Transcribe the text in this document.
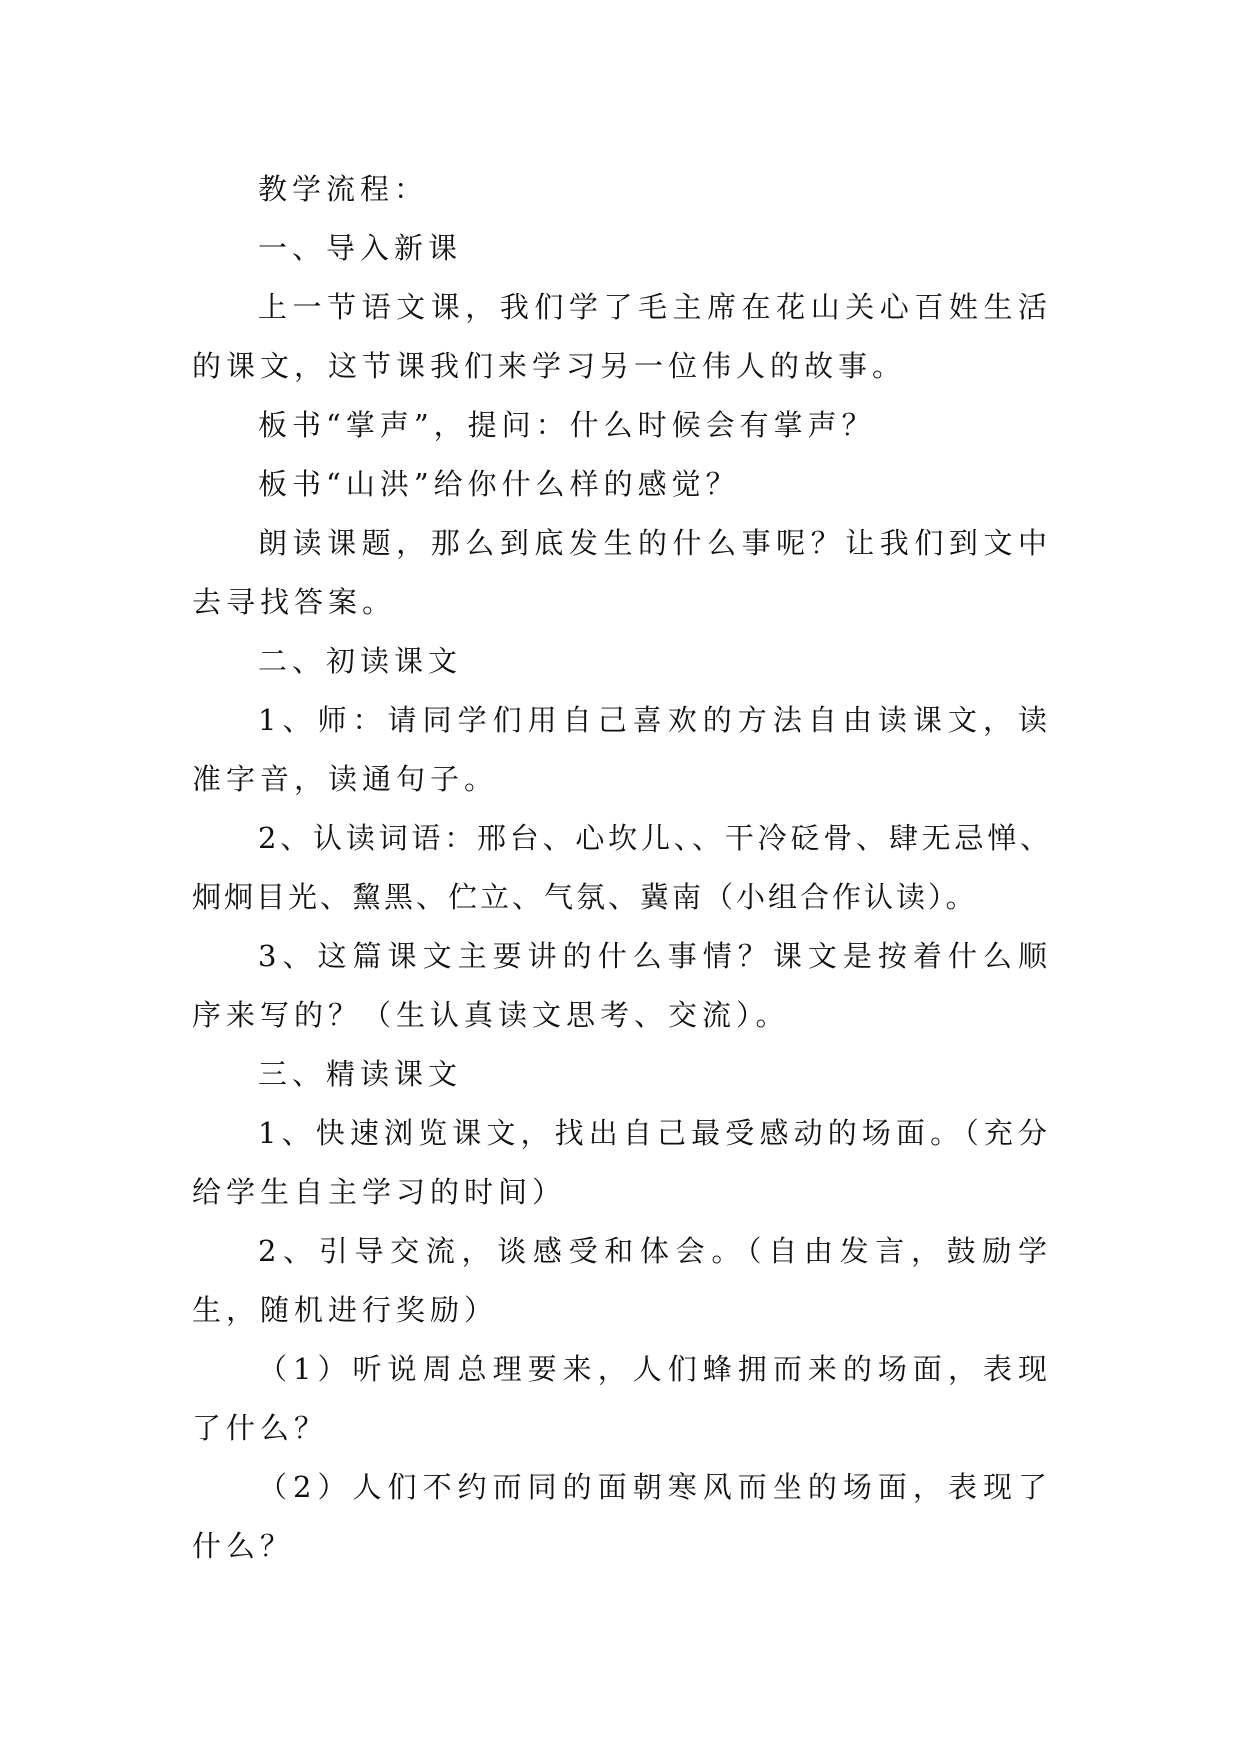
教学流程：

一、导入新课

上一节语文课，我们学了毛主席在花山关心百姓生活的课文，这节课我们来学习另一位伟人的故事。

板书“掌声”，提问：什么时候会有掌声？

板书“山洪”给你什么样的感觉？

朗读课题，那么到底发生的什么事呢？让我们到文中去寻找答案。

二、初读课文

1、师：请同学们用自己喜欢的方法自由读课文，读准字音，读通句子。

2、认读词语：邢台、心坎儿、、干冷砭骨、肆无忌惮、炯炯目光、黧黑、伫立、气氛、冀南（小组合作认读）。

3、这篇课文主要讲的什么事情？课文是按着什么顺序来写的？（生认真读文思考、交流）。

三、精读课文

1、快速浏览课文，找出自己最受感动的场面。（充分给学生自主学习的时间）

2、引导交流，谈感受和体会。（自由发言，鼓励学生，随机进行奖励）

（1）听说周总理要来，人们蜂拥而来的场面，表现了什么？

（2）人们不约而同的面朝寒风而坐的场面，表现了什么？
